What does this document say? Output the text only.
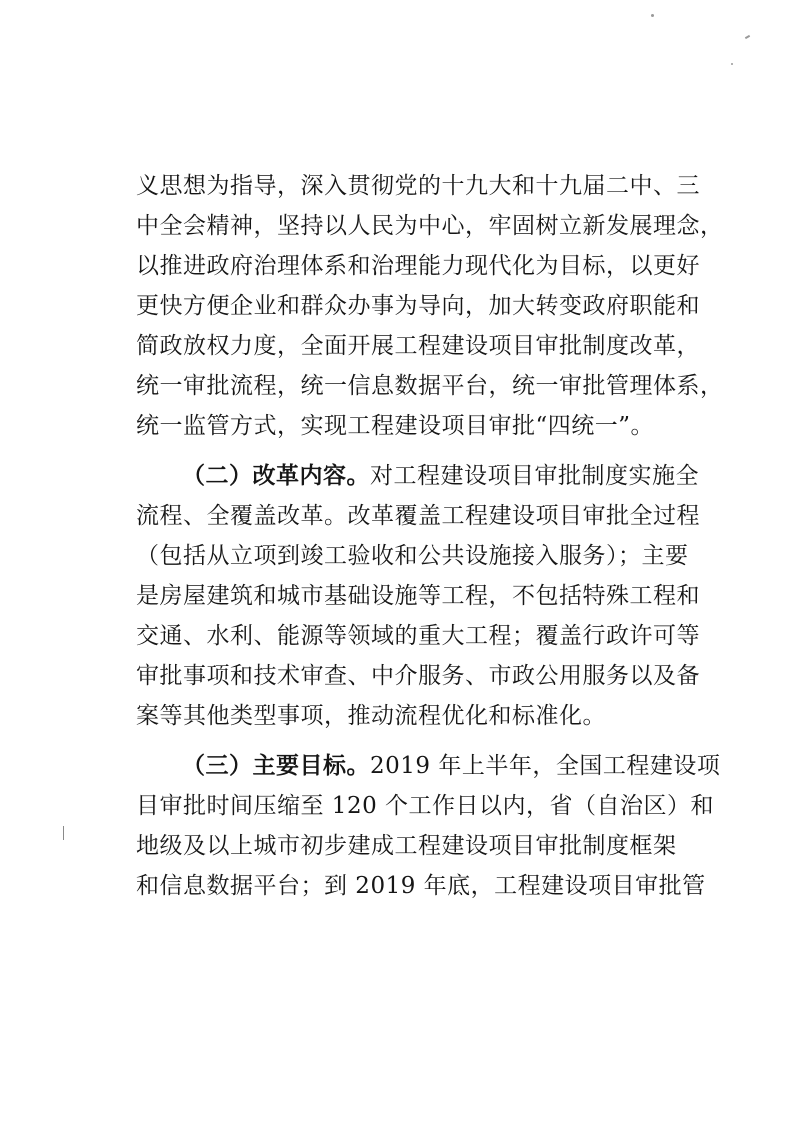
义思想为指导，深入贯彻党的十九大和十九届二中、三
中全会精神，坚持以人民为中心，牢固树立新发展理念，
以推进政府治理体系和治理能力现代化为目标，以更好
更快方便企业和群众办事为导向，加大转变政府职能和
简政放权力度，全面开展工程建设项目审批制度改革，
统一审批流程，统一信息数据平台，统一审批管理体系，
统一监管方式，实现工程建设项目审批“四统一”。
（二）改革内容。对工程建设项目审批制度实施全
流程、全覆盖改革。改革覆盖工程建设项目审批全过程
（包括从立项到竣工验收和公共设施接入服务）；主要
是房屋建筑和城市基础设施等工程，不包括特殊工程和
交通、水利、能源等领域的重大工程；覆盖行政许可等
审批事项和技术审查、中介服务、市政公用服务以及备
案等其他类型事项，推动流程优化和标准化。
（三）主要目标。2019 年上半年，全国工程建设项
目审批时间压缩至 120 个工作日以内，省（自治区）和
地级及以上城市初步建成工程建设项目审批制度框架
和信息数据平台；到 2019 年底，工程建设项目审批管
